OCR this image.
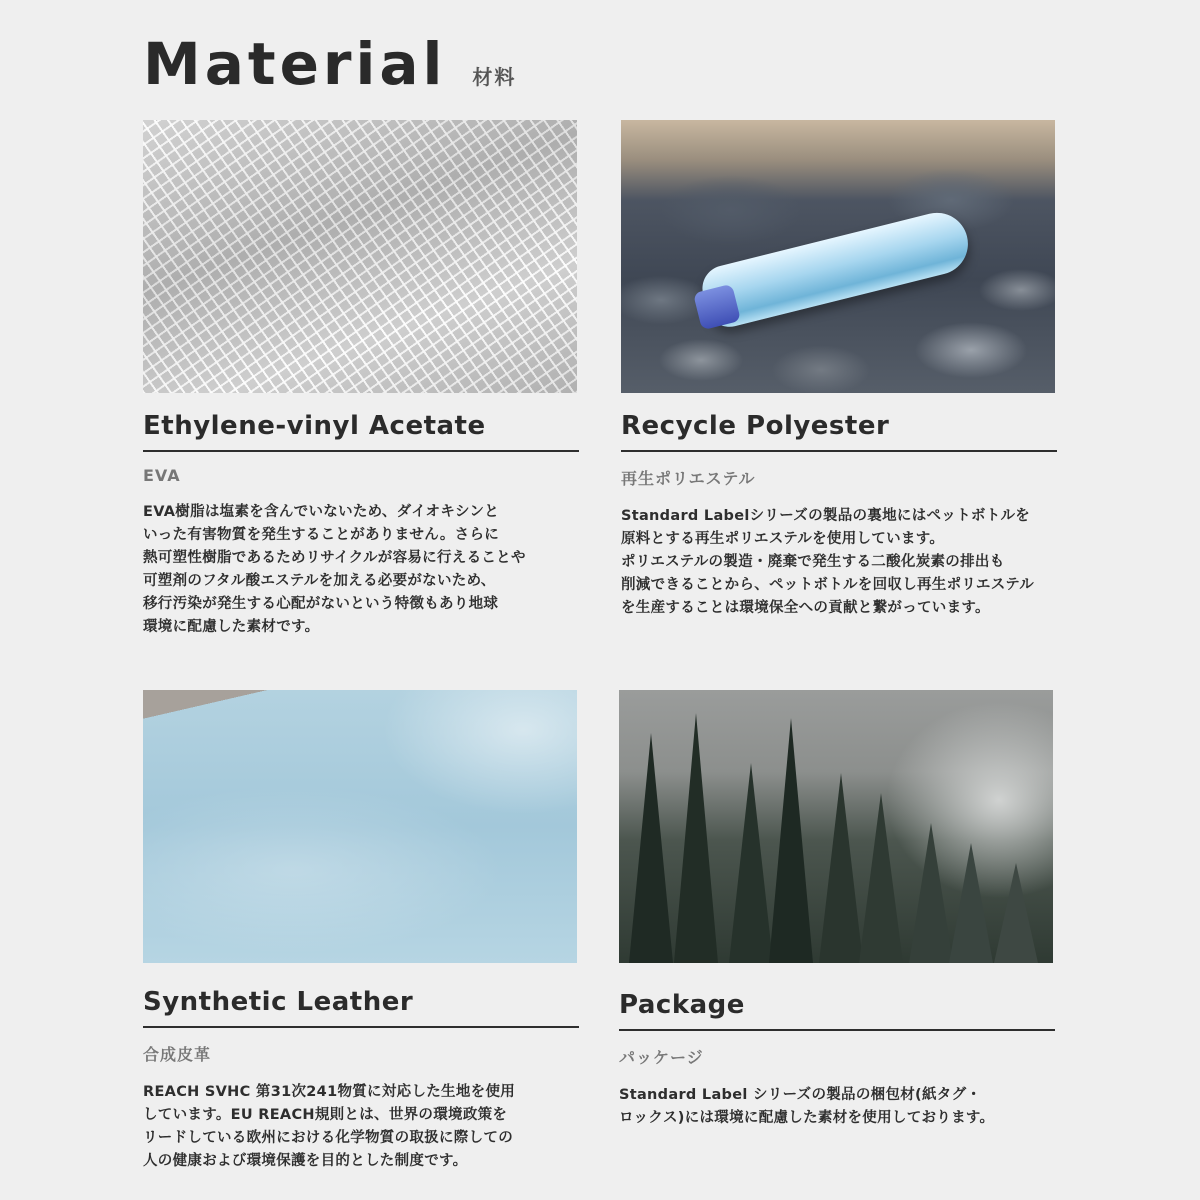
Material 材料
Ethylene-vinyl Acetate
EVA
EVA樹脂は塩素を含んでいないため、ダイオキシンと
いった有害物質を発生することがありません。さらに
熱可塑性樹脂であるためリサイクルが容易に行えることや
可塑剤のフタル酸エステルを加える必要がないため、
移行汚染が発生する心配がないという特徴もあり地球
環境に配慮した素材です。
Recycle Polyester
再生ポリエステル
Standard Labelシリーズの製品の裏地にはペットボトルを
原料とする再生ポリエステルを使用しています。
ポリエステルの製造・廃棄で発生する二酸化炭素の排出も
削減できることから、ペットボトルを回収し再生ポリエステル
を生産することは環境保全への貢献と繋がっています。
Synthetic Leather
合成皮革
REACH SVHC 第31次241物質に対応した生地を使用
しています。EU REACH規則とは、世界の環境政策を
リードしている欧州における化学物質の取扱に際しての
人の健康および環境保護を目的とした制度です。
Package
パッケージ
Standard Label シリーズの製品の梱包材(紙タグ・
ロックス)には環境に配慮した素材を使用しております。
